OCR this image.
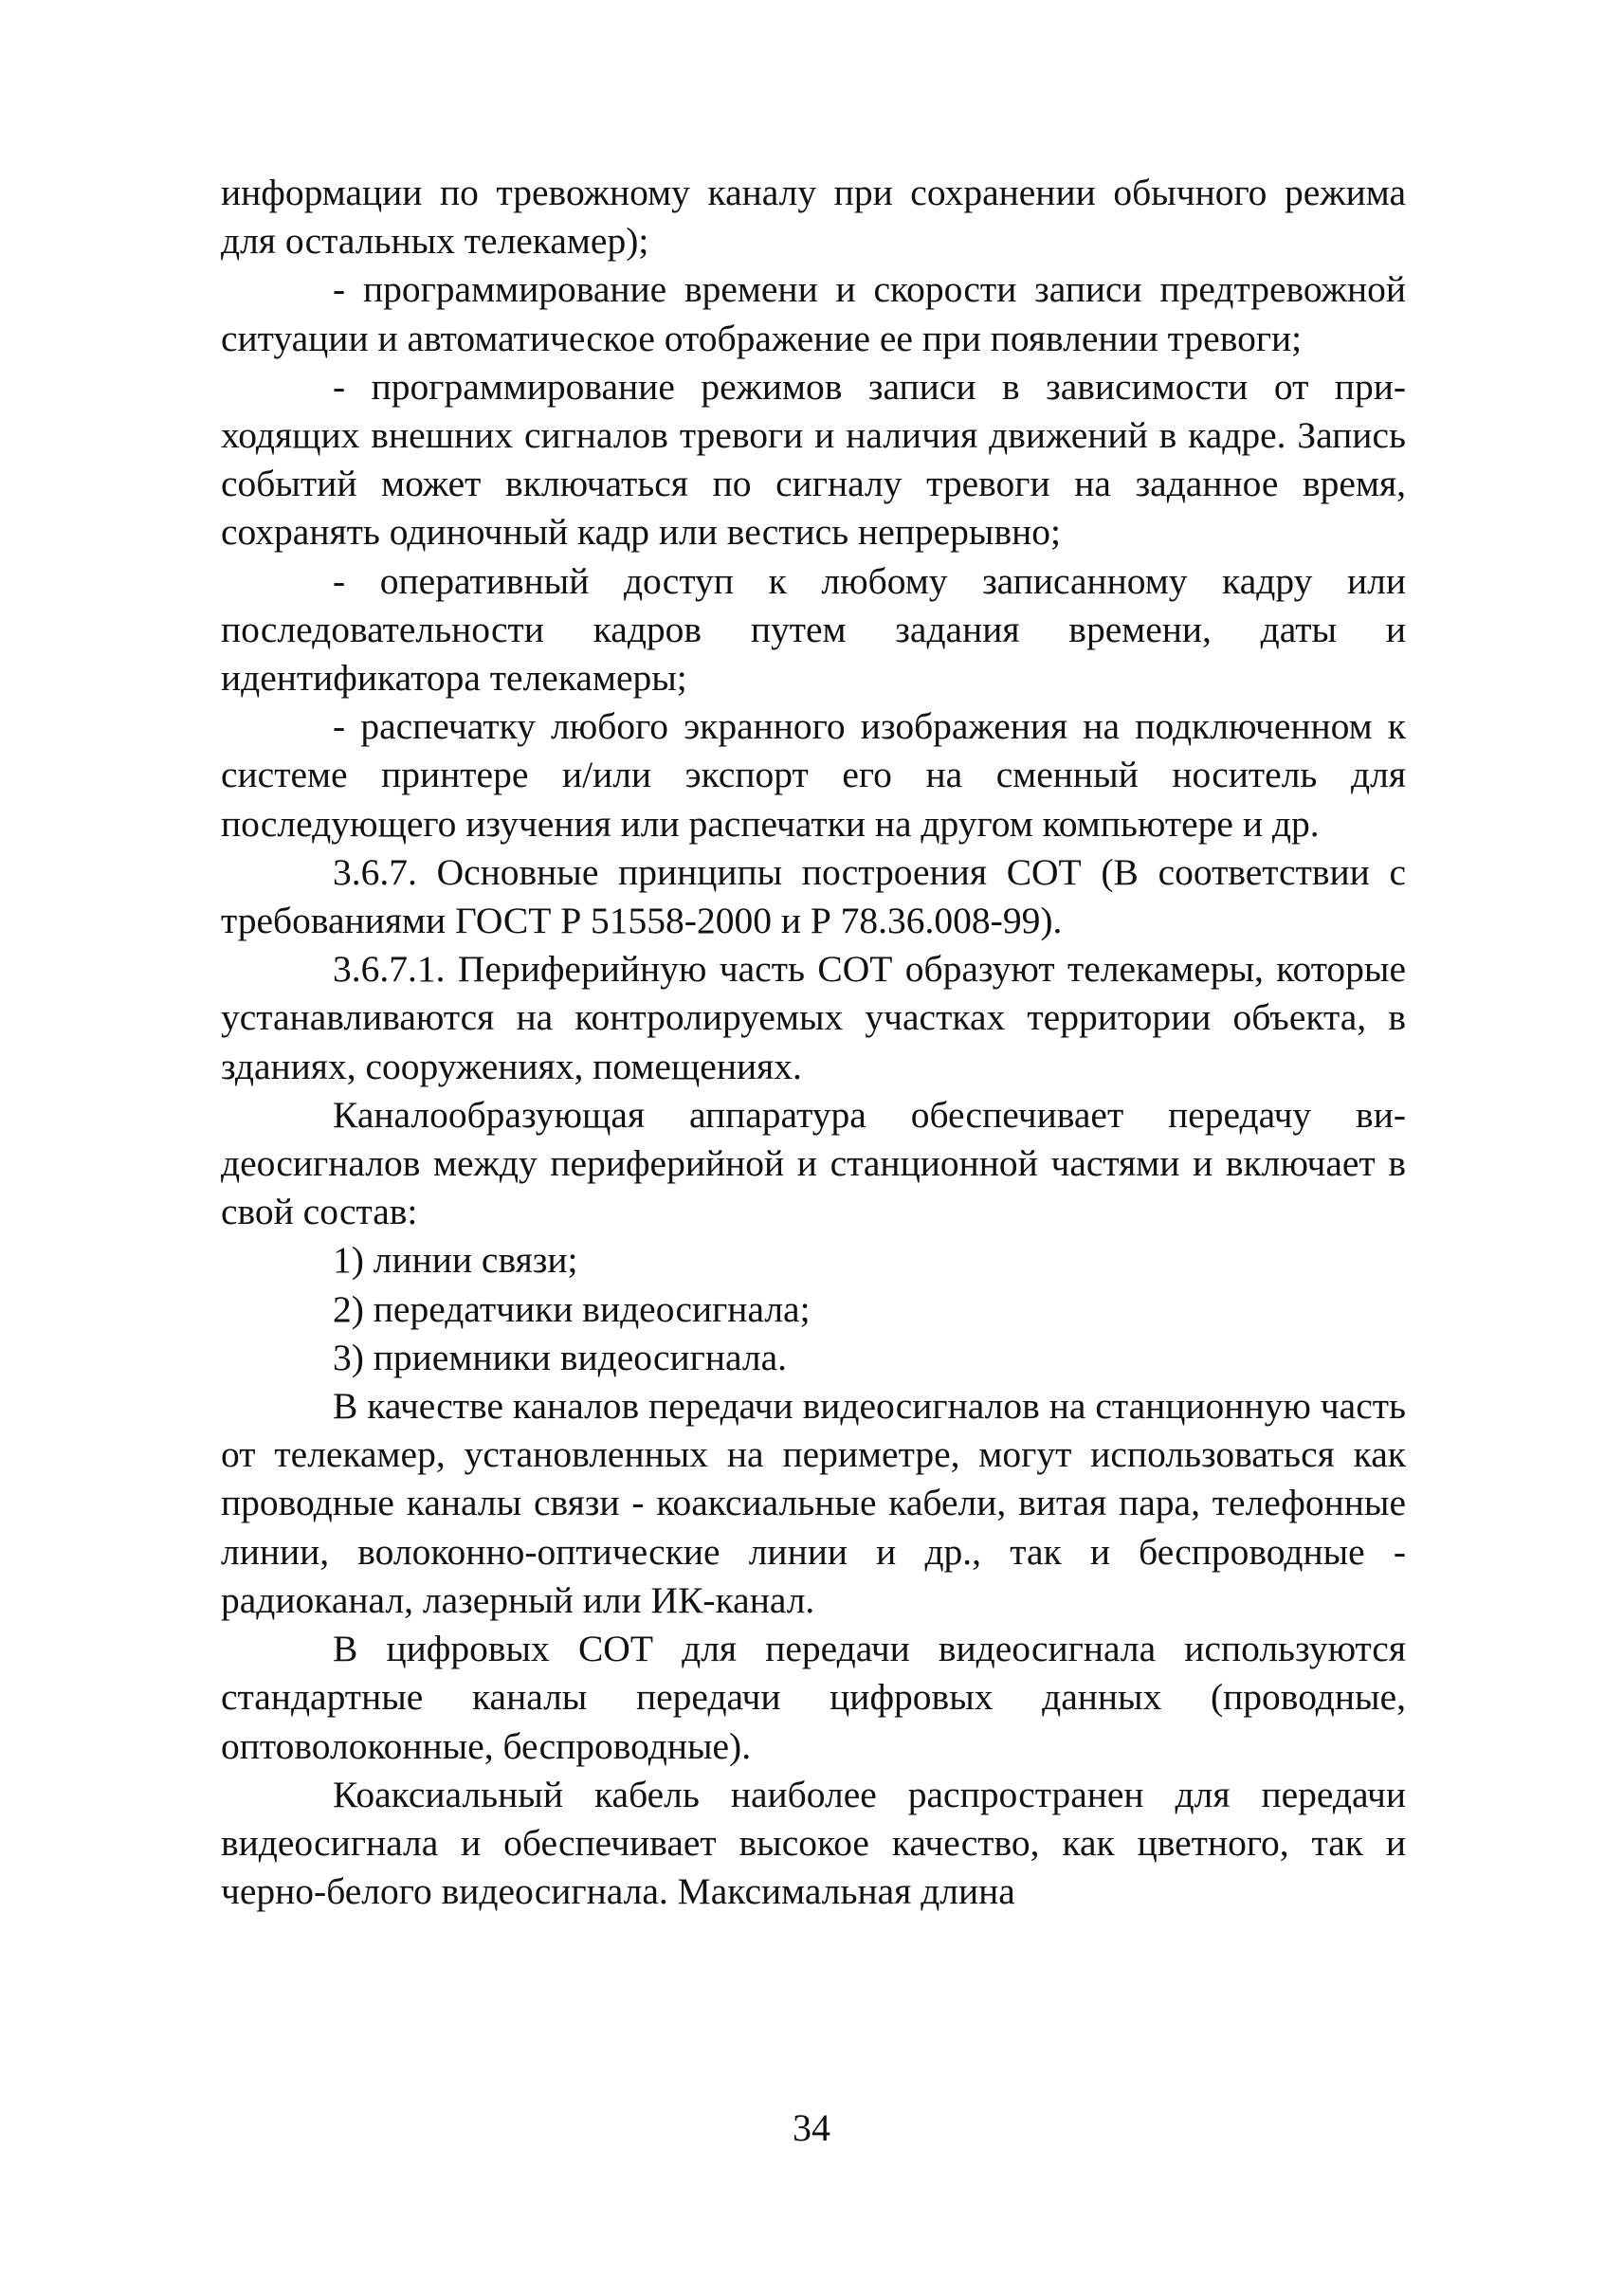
информации по тревожному каналу при сохранении обычного режима для остальных телекамер);

- программирование времени и скорости записи предтревожной ситуации и автоматическое отображение ее при появлении тревоги;

- программирование режимов записи в зависимости от приходящих внешних сигналов тревоги и наличия движений в кадре. Запись событий может включаться по сигналу тревоги на заданное время, сохранять одиночный кадр или вестись непрерывно;

- оперативный доступ к любому записанному кадру или последовательности кадров путем задания времени, даты и идентификатора телекамеры;

- распечатку любого экранного изображения на подключенном к системе принтере и/или экспорт его на сменный носитель для последующего изучения или распечатки на другом компьютере и др.

3.6.7. Основные принципы построения СОТ (В соответствии с требованиями ГОСТ Р 51558-2000 и Р 78.36.008-99).

3.6.7.1. Периферийную часть СОТ образуют телекамеры, которые устанавливаются на контролируемых участках территории объекта, в зданиях, сооружениях, помещениях.

Каналообразующая аппаратура обеспечивает передачу видеосигналов между периферийной и станционной частями и включает в свой состав:

1) линии связи;

2) передатчики видеосигнала;

3) приемники видеосигнала.

В качестве каналов передачи видеосигналов на станционную часть от телекамер, установленных на периметре, могут использоваться как проводные каналы связи - коаксиальные кабели, витая пара, телефонные линии, волоконно-оптические линии и др., так и беспроводные - радиоканал, лазерный или ИК-канал.

В цифровых СОТ для передачи видеосигнала используются стандартные каналы передачи цифровых данных (проводные, оптоволоконные, беспроводные).

Коаксиальный кабель наиболее распространен для передачи видеосигнала и обеспечивает высокое качество, как цветного, так и черно-белого видеосигнала. Максимальная длина

34
